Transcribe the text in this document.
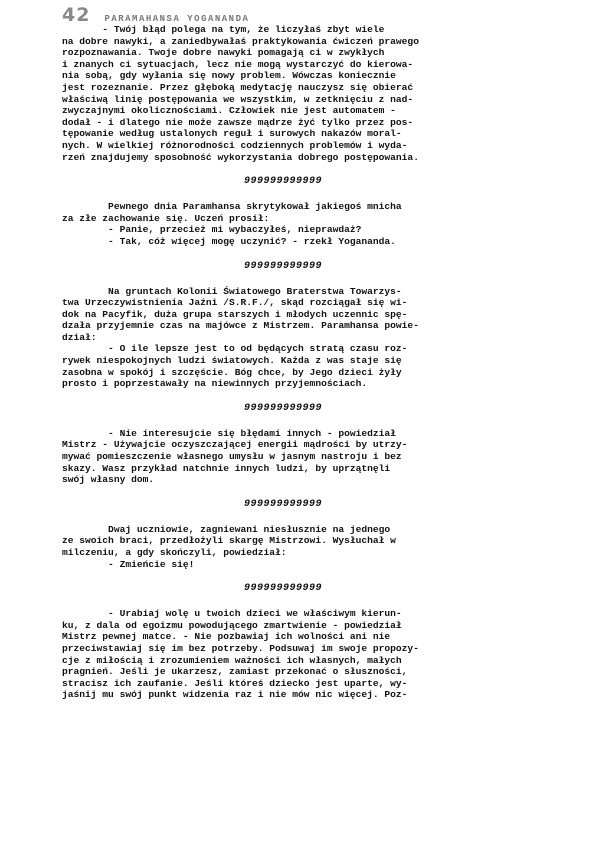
42 PARAMAHANSA YOGANANDA

- Twój błąd polega na tym, że liczyłaś zbyt wiele

na dobre nawyki, a zaniedbywałaś praktykowania ćwiczeń prawego

rozpoznawania. Twoje dobre nawyki pomagają ci w zwykłych

i znanych ci sytuacjach, lecz nie mogą wystarczyć do kierowa-

nia sobą, gdy wyłania się nowy problem. Wówczas koniecznie

jest rozeznanie. Przez głęboką medytację nauczysz się obierać

właściwą linię postępowania we wszystkim, w zetknięciu z nad-

zwyczajnymi okolicznościami. Człowiek nie jest automatem -

dodał - i dlatego nie może zawsze mądrze żyć tylko przez pos-

tępowanie według ustalonych reguł i surowych nakazów moral-

nych. W wielkiej różnorodności codziennych problemów i wyda-

rzeń znajdujemy sposobność wykorzystania dobrego postępowania.

999999999999

Pewnego dnia Paramhansa skrytykował jakiegoś mnicha

za złe zachowanie się. Uczeń prosił:

- Panie, przecież mi wybaczyłeś, nieprawdaż?

- Tak, cóż więcej mogę uczynić? - rzekł Yogananda.

999999999999

Na gruntach Kolonii Światowego Braterstwa Towarzys-

twa Urzeczywistnienia Jaźni /S.R.F./, skąd rozciągał się wi-

dok na Pacyfik, duża grupa starszych i młodych uczennic spę-

dzała przyjemnie czas na majówce z Mistrzem. Paramhansa powie-

dział:

- O ile lepsze jest to od będących stratą czasu roz-

rywek niespokojnych ludzi światowych. Każda z was staje się

zasobna w spokój i szczęście. Bóg chce, by Jego dzieci żyły

prosto i poprzestawały na niewinnych przyjemnościach.

999999999999

- Nie interesujcie się błędami innych - powiedział

Mistrz - Używajcie oczyszczającej energii mądrości by utrzy-

mywać pomieszczenie własnego umysłu w jasnym nastroju i bez

skazy. Wasz przykład natchnie innych ludzi, by uprzątnęli

swój własny dom.

999999999999

Dwaj uczniowie, zagniewani niesłusznie na jednego

ze swoich braci, przedłożyli skargę Mistrzowi. Wysłuchał w

milczeniu, a gdy skończyli, powiedział:

- Zmieńcie się!

999999999999

- Urabiaj wolę u twoich dzieci we właściwym kierun-

ku, z dala od egoizmu powodującego zmartwienie - powiedział

Mistrz pewnej matce. - Nie pozbawiaj ich wolności ani nie

przeciwstawiaj się im bez potrzeby. Podsuwaj im swoje propozy-

cje z miłością i zrozumieniem ważności ich własnych, małych

pragnień. Jeśli je ukarzesz, zamiast przekonać o słuszności,

stracisz ich zaufanie. Jeśli któreś dziecko jest uparte, wy-

jaśnij mu swój punkt widzenia raz i nie mów nic więcej. Poz-
